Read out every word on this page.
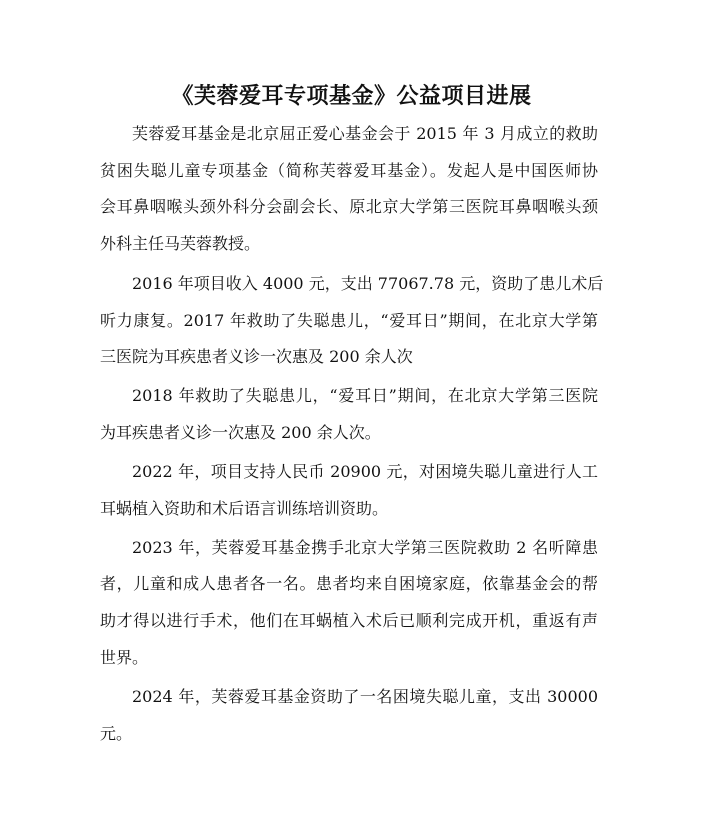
《芙蓉爱耳专项基金》公益项目进展
芙蓉爱耳基金是北京屈正爱心基金会于 2015 年 3 月成立的救助
贫困失聪儿童专项基金（简称芙蓉爱耳基金）。发起人是中国医师协
会耳鼻咽喉头颈外科分会副会长、原北京大学第三医院耳鼻咽喉头颈
外科主任马芙蓉教授。
2016 年项目收入 4000 元，支出 77067.78 元，资助了患儿术后
听力康复。2017 年救助了失聪患儿，“爱耳日”期间，在北京大学第
三医院为耳疾患者义诊一次惠及 200 余人次
2018 年救助了失聪患儿，“爱耳日”期间，在北京大学第三医院
为耳疾患者义诊一次惠及 200 余人次。
2022 年，项目支持人民币 20900 元，对困境失聪儿童进行人工
耳蜗植入资助和术后语言训练培训资助。
2023 年，芙蓉爱耳基金携手北京大学第三医院救助 2 名听障患
者，儿童和成人患者各一名。患者均来自困境家庭，依靠基金会的帮
助才得以进行手术，他们在耳蜗植入术后已顺利完成开机，重返有声
世界。
2024 年，芙蓉爱耳基金资助了一名困境失聪儿童，支出 30000
元。
